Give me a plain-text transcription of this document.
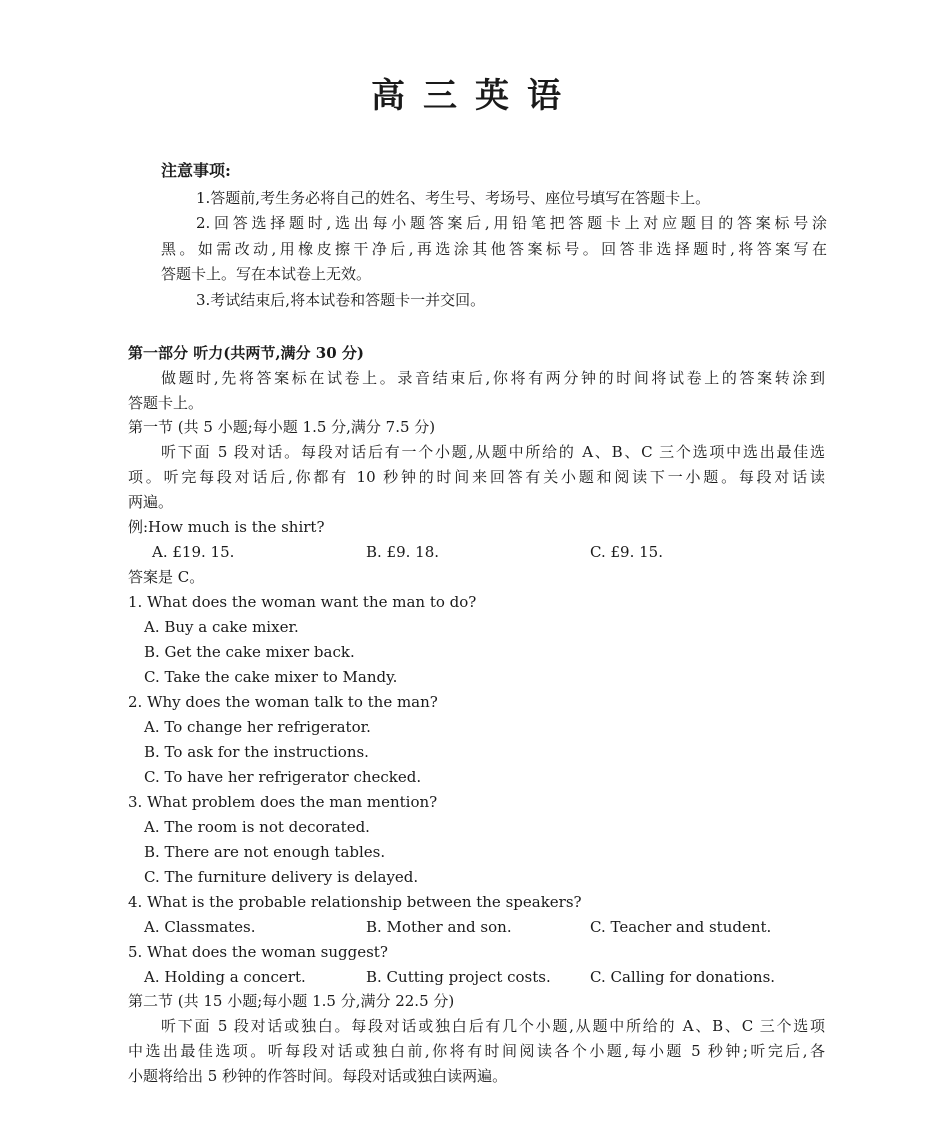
高三英语
注意事项:
1.答题前,考生务必将自己的姓名、考生号、考场号、座位号填写在答题卡上。
2.回答选择题时,选出每小题答案后,用铅笔把答题卡上对应题目的答案标号涂
黑。如需改动,用橡皮擦干净后,再选涂其他答案标号。回答非选择题时,将答案写在
答题卡上。写在本试卷上无效。
3.考试结束后,将本试卷和答题卡一并交回。
第一部分 听力(共两节,满分 30 分)
做题时,先将答案标在试卷上。录音结束后,你将有两分钟的时间将试卷上的答案转涂到
答题卡上。
第一节 (共 5 小题;每小题 1.5 分,满分 7.5 分)
听下面 5 段对话。每段对话后有一个小题,从题中所给的 A、B、C 三个选项中选出最佳选
项。听完每段对话后,你都有 10 秒钟的时间来回答有关小题和阅读下一小题。每段对话读
两遍。
例:How much is the shirt?
A. £19. 15.	B. £9. 18.	C. £9. 15.
答案是 C。
1. What does the woman want the man to do?
A. Buy a cake mixer.
B. Get the cake mixer back.
C. Take the cake mixer to Mandy.
2. Why does the woman talk to the man?
A. To change her refrigerator.
B. To ask for the instructions.
C. To have her refrigerator checked.
3. What problem does the man mention?
A. The room is not decorated.
B. There are not enough tables.
C. The furniture delivery is delayed.
4. What is the probable relationship between the speakers?
A. Classmates.	B. Mother and son.	C. Teacher and student.
5. What does the woman suggest?
A. Holding a concert.	B. Cutting project costs.	C. Calling for donations.
第二节 (共 15 小题;每小题 1.5 分,满分 22.5 分)
听下面 5 段对话或独白。每段对话或独白后有几个小题,从题中所给的 A、B、C 三个选项
中选出最佳选项。听每段对话或独白前,你将有时间阅读各个小题,每小题 5 秒钟;听完后,各
小题将给出 5 秒钟的作答时间。每段对话或独白读两遍。
